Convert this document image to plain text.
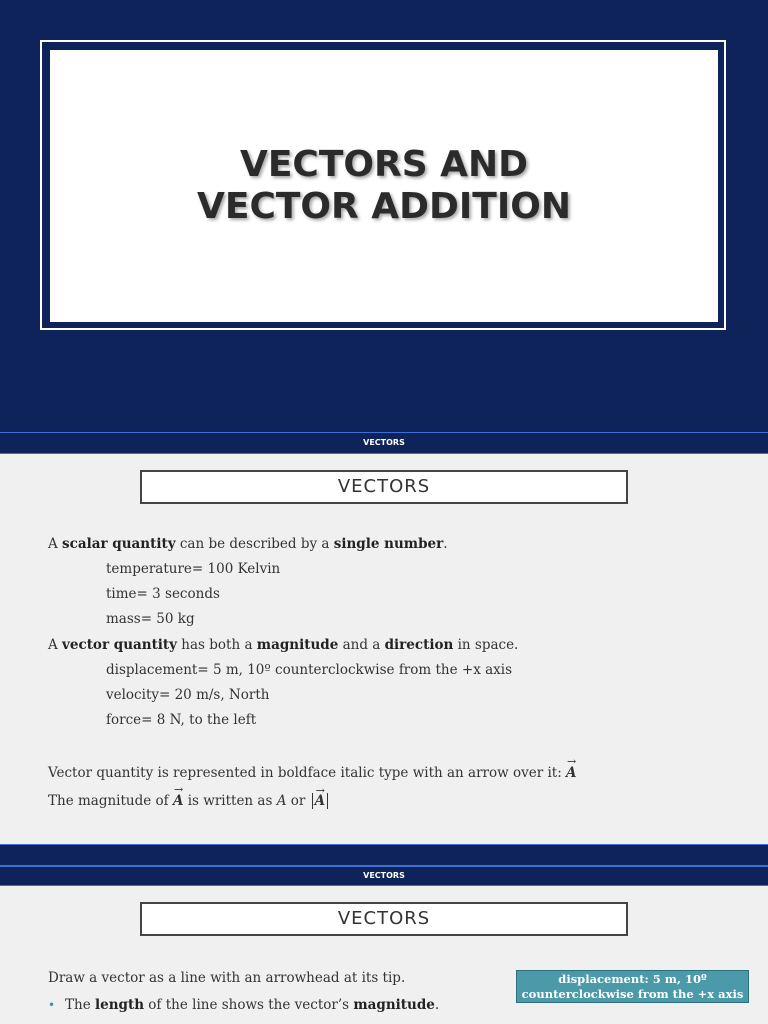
VECTORS AND
VECTOR ADDITION
VECTORS
VECTORS
A scalar quantity can be described by a single number.
temperature= 100 Kelvin
time= 3 seconds
mass= 50 kg
A vector quantity has both a magnitude and a direction in space.
displacement= 5 m, 10º counterclockwise from the +x axis
velocity= 20 m/s, North
force= 8 N, to the left
Vector quantity is represented in boldface italic type with an arrow over it: → A
The magnitude of → A is written as A or → A
VECTORS
VECTORS
Draw a vector as a line with an arrowhead at its tip.
• The length of the line shows the vector’s magnitude.
displacement: 5 m, 10º
counterclockwise from the +x axis
